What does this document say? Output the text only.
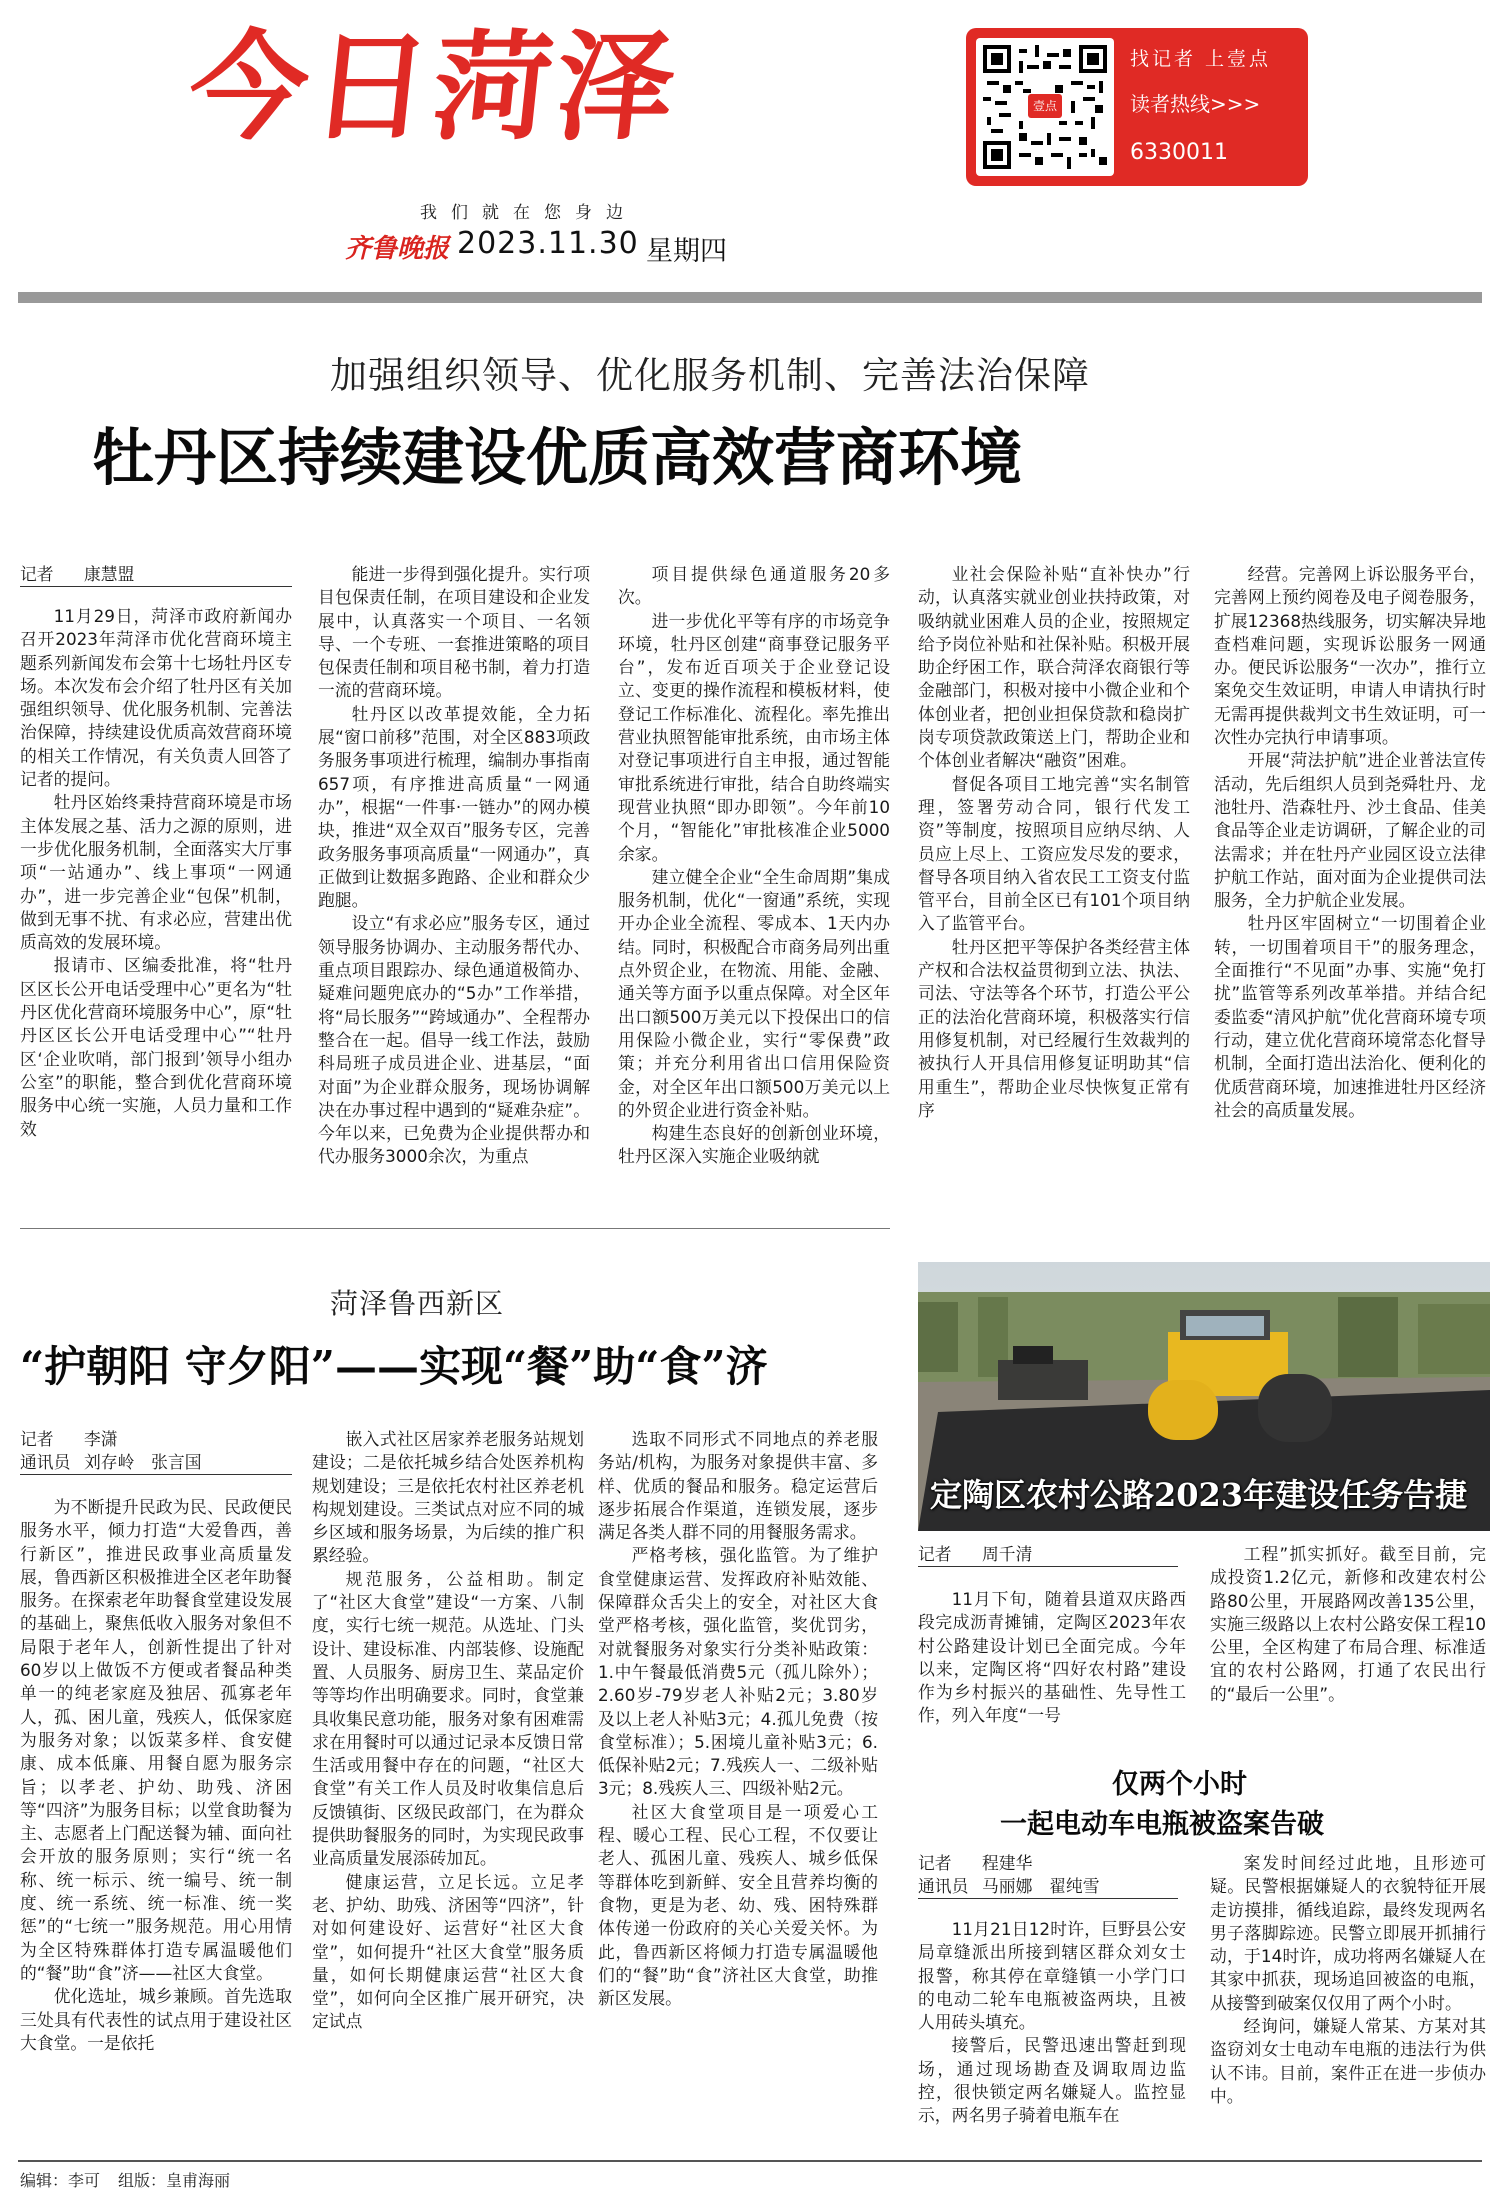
今日菏泽
我们就在您身边
齐鲁晚报 2023.11.30 星期四
壹点
找记者 上壹点
读者热线>>>
6330011
加强组织领导、优化服务机制、完善法治保障
牡丹区持续建设优质高效营商环境
记者 康慧盟

11月29日，菏泽市政府新闻办召开2023年菏泽市优化营商环境主题系列新闻发布会第十七场牡丹区专场。本次发布会介绍了牡丹区有关加强组织领导、优化服务机制、完善法治保障，持续建设优质高效营商环境的相关工作情况，有关负责人回答了记者的提问。

牡丹区始终秉持营商环境是市场主体发展之基、活力之源的原则，进一步优化服务机制，全面落实大厅事项“一站通办”、线上事项“一网通办”，进一步完善企业“包保”机制，做到无事不扰、有求必应，营建出优质高效的发展环境。

报请市、区编委批准，将“牡丹区区长公开电话受理中心”更名为“牡丹区优化营商环境服务中心”，原“牡丹区区长公开电话受理中心”“牡丹区‘企业吹哨，部门报到’领导小组办公室”的职能，整合到优化营商环境服务中心统一实施，人员力量和工作效

能进一步得到强化提升。实行项目包保责任制，在项目建设和企业发展中，认真落实一个项目、一名领导、一个专班、一套推进策略的项目包保责任制和项目秘书制，着力打造一流的营商环境。

牡丹区以改革提效能，全力拓展“窗口前移”范围，对全区883项政务服务事项进行梳理，编制办事指南657项，有序推进高质量“一网通办”，根据“一件事·一链办”的网办模块，推进“双全双百”服务专区，完善政务服务事项高质量“一网通办”，真正做到让数据多跑路、企业和群众少跑腿。

设立“有求必应”服务专区，通过领导服务协调办、主动服务帮代办、重点项目跟踪办、绿色通道极简办、疑难问题兜底办的“5办”工作举措，将“局长服务”“跨域通办”、全程帮办整合在一起。倡导一线工作法，鼓励科局班子成员进企业、进基层，“面对面”为企业群众服务，现场协调解决在办事过程中遇到的“疑难杂症”。今年以来，已免费为企业提供帮办和代办服务3000余次，为重点

项目提供绿色通道服务20多次。

进一步优化平等有序的市场竞争环境，牡丹区创建“商事登记服务平台”，发布近百项关于企业登记设立、变更的操作流程和模板材料，使登记工作标准化、流程化。率先推出营业执照智能审批系统，由市场主体对登记事项进行自主申报，通过智能审批系统进行审批，结合自助终端实现营业执照“即办即领”。今年前10个月，“智能化”审批核准企业5000余家。

建立健全企业“全生命周期”集成服务机制，优化“一窗通”系统，实现开办企业全流程、零成本、1天内办结。同时，积极配合市商务局列出重点外贸企业，在物流、用能、金融、通关等方面予以重点保障。对全区年出口额500万美元以下投保出口的信用保险小微企业，实行“零保费”政策；并充分利用省出口信用保险资金，对全区年出口额500万美元以上的外贸企业进行资金补贴。

构建生态良好的创新创业环境，牡丹区深入实施企业吸纳就

业社会保险补贴“直补快办”行动，认真落实就业创业扶持政策，对吸纳就业困难人员的企业，按照规定给予岗位补贴和社保补贴。积极开展助企纾困工作，联合菏泽农商银行等金融部门，积极对接中小微企业和个体创业者，把创业担保贷款和稳岗扩岗专项贷款政策送上门，帮助企业和个体创业者解决“融资”困难。

督促各项目工地完善“实名制管理，签署劳动合同，银行代发工资”等制度，按照项目应纳尽纳、人员应上尽上、工资应发尽发的要求，督导各项目纳入省农民工工资支付监管平台，目前全区已有101个项目纳入了监管平台。

牡丹区把平等保护各类经营主体产权和合法权益贯彻到立法、执法、司法、守法等各个环节，打造公平公正的法治化营商环境，积极落实行信用修复机制，对已经履行生效裁判的被执行人开具信用修复证明助其“信用重生”，帮助企业尽快恢复正常有序

经营。完善网上诉讼服务平台，完善网上预约阅卷及电子阅卷服务，扩展12368热线服务，切实解决异地查档难问题，实现诉讼服务一网通办。便民诉讼服务“一次办”，推行立案免交生效证明，申请人申请执行时无需再提供裁判文书生效证明，可一次性办完执行申请事项。

开展“菏法护航”进企业普法宣传活动，先后组织人员到尧舜牡丹、龙池牡丹、浩森牡丹、沙土食品、佳美食品等企业走访调研，了解企业的司法需求；并在牡丹产业园区设立法律护航工作站，面对面为企业提供司法服务，全力护航企业发展。

牡丹区牢固树立“一切围着企业转，一切围着项目干”的服务理念，全面推行“不见面”办事、实施“免打扰”监管等系列改革举措。并结合纪委监委“清风护航”优化营商环境专项行动，建立优化营商环境常态化督导机制，全面打造出法治化、便利化的优质营商环境，加速推进牡丹区经济社会的高质量发展。

菏泽鲁西新区
“护朝阳 守夕阳”——实现“餐”助“食”济
记者 李潇
通讯员 刘存岭　张言国

为不断提升民政为民、民政便民服务水平，倾力打造“大爱鲁西，善行新区”，推进民政事业高质量发展，鲁西新区积极推进全区老年助餐服务。在探索老年助餐食堂建设发展的基础上，聚焦低收入服务对象但不局限于老年人，创新性提出了针对60岁以上做饭不方便或者餐品种类单一的纯老家庭及独居、孤寡老年人，孤、困儿童，残疾人，低保家庭为服务对象；以饭菜多样、食安健康、成本低廉、用餐自愿为服务宗旨；以孝老、护幼、助残、济困等“四济”为服务目标；以堂食助餐为主、志愿者上门配送餐为辅、面向社会开放的服务原则；实行“统一名称、统一标示、统一编号、统一制度、统一系统、统一标准、统一奖惩”的“七统一”服务规范。用心用情为全区特殊群体打造专属温暖他们的“餐”助“食”济——社区大食堂。

优化选址，城乡兼顾。首先选取三处具有代表性的试点用于建设社区大食堂。一是依托

嵌入式社区居家养老服务站规划建设；二是依托城乡结合处医养机构规划建设；三是依托农村社区养老机构规划建设。三类试点对应不同的城乡区域和服务场景，为后续的推广积累经验。

规范服务，公益相助。制定了“社区大食堂”建设“一方案、八制度，实行七统一规范。从选址、门头设计、建设标准、内部装修、设施配置、人员服务、厨房卫生、菜品定价等等均作出明确要求。同时，食堂兼具收集民意功能，服务对象有困难需求在用餐时可以通过记录本反馈日常生活或用餐中存在的问题，“社区大食堂”有关工作人员及时收集信息后反馈镇街、区级民政部门，在为群众提供助餐服务的同时，为实现民政事业高质量发展添砖加瓦。

健康运营，立足长远。立足孝老、护幼、助残、济困等“四济”，针对如何建设好、运营好“社区大食堂”，如何提升“社区大食堂”服务质量，如何长期健康运营“社区大食堂”，如何向全区推广展开研究，决定试点

选取不同形式不同地点的养老服务站/机构，为服务对象提供丰富、多样、优质的餐品和服务。稳定运营后逐步拓展合作渠道，连锁发展，逐步满足各类人群不同的用餐服务需求。

严格考核，强化监管。为了维护食堂健康运营、发挥政府补贴效能、保障群众舌尖上的安全，对社区大食堂严格考核，强化监管，奖优罚劣，对就餐服务对象实行分类补贴政策：1.中午餐最低消费5元（孤儿除外）；2.60岁-79岁老人补贴2元；3.80岁及以上老人补贴3元；4.孤儿免费（按食堂标准）；5.困境儿童补贴3元；6.低保补贴2元；7.残疾人一、二级补贴3元；8.残疾人三、四级补贴2元。

社区大食堂项目是一项爱心工程、暖心工程、民心工程，不仅要让老人、孤困儿童、残疾人、城乡低保等群体吃到新鲜、安全且营养均衡的食物，更是为老、幼、残、困特殊群体传递一份政府的关心关爱关怀。为此，鲁西新区将倾力打造专属温暖他们的“餐”助“食”济社区大食堂，助推新区发展。

定陶区农村公路2023年建设任务告捷
记者 周千清

11月下旬，随着县道双庆路西段完成沥青摊铺，定陶区2023年农村公路建设计划已全面完成。今年以来，定陶区将“四好农村路”建设作为乡村振兴的基础性、先导性工作，列入年度“一号

工程”抓实抓好。截至目前，完成投资1.2亿元，新修和改建农村公路80公里，开展路网改善135公里，实施三级路以上农村公路安保工程10公里，全区构建了布局合理、标准适宜的农村公路网，打通了农民出行的“最后一公里”。

仅两个小时
一起电动车电瓶被盗案告破
记者 程建华
通讯员 马丽娜　翟纯雪

11月21日12时许，巨野县公安局章缝派出所接到辖区群众刘女士报警，称其停在章缝镇一小学门口的电动二轮车电瓶被盗两块，且被人用砖头填充。

接警后，民警迅速出警赶到现场，通过现场勘查及调取周边监控，很快锁定两名嫌疑人。监控显示，两名男子骑着电瓶车在

案发时间经过此地，且形迹可疑。民警根据嫌疑人的衣貌特征开展走访摸排，循线追踪，最终发现两名男子落脚踪迹。民警立即展开抓捕行动，于14时许，成功将两名嫌疑人在其家中抓获，现场追回被盗的电瓶，从接警到破案仅仅用了两个小时。

经询问，嫌疑人常某、方某对其盗窃刘女士电动车电瓶的违法行为供认不讳。目前，案件正在进一步侦办中。

编辑：李可 组版：皇甫海丽
